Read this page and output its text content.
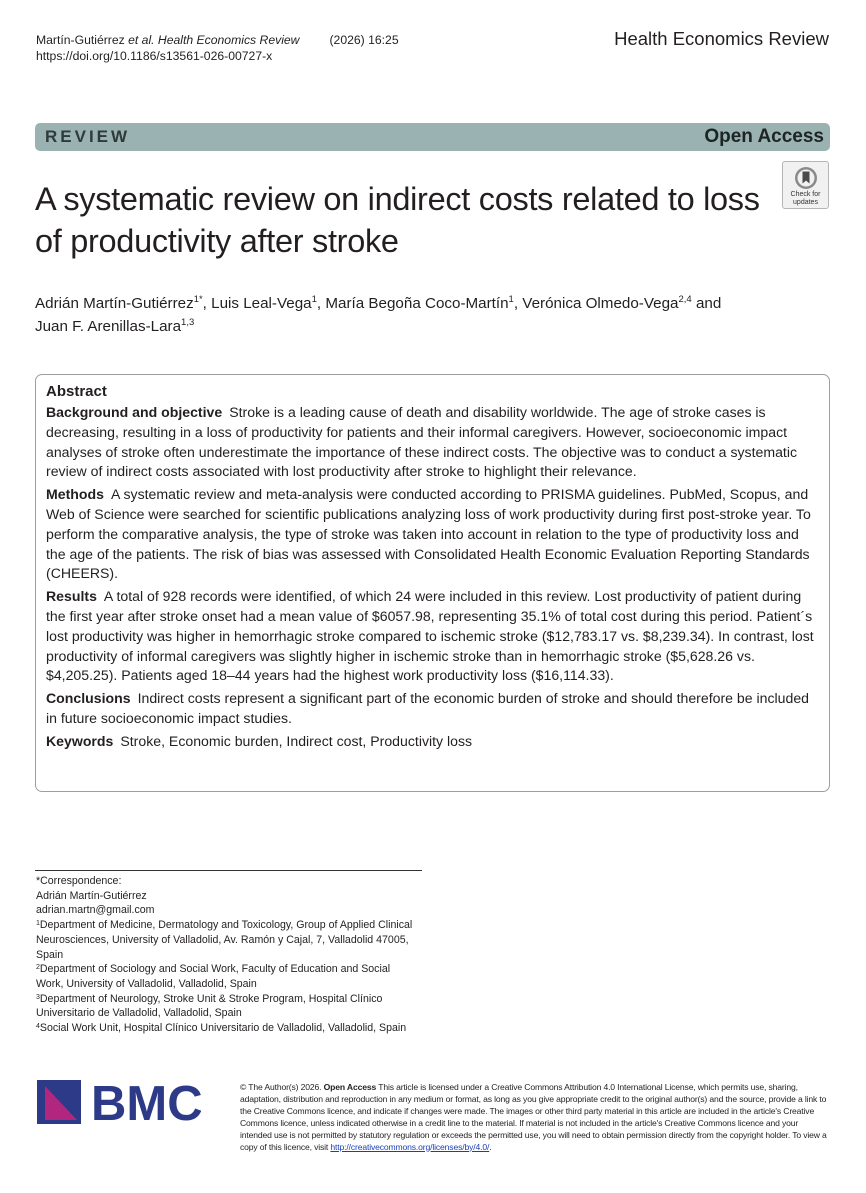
Martín-Gutiérrez et al. Health Economics Review (2026) 16:25
https://doi.org/10.1186/s13561-026-00727-x
Health Economics Review
REVIEW	Open Access
Check for
updates
A systematic review on indirect costs related to loss of productivity after stroke
Adrián Martín-Gutiérrez$^{1*}$, Luis Leal-Vega$^1$, María Begoña Coco-Martín$^1$, Verónica Olmedo-Vega$^{2,4}$ and
Juan F. Arenillas-Lara$^{1,3}$
Abstract

Background and objective Stroke is a leading cause of death and disability worldwide. The age of stroke cases is decreasing, resulting in a loss of productivity for patients and their informal caregivers. However, socioeconomic impact analyses of stroke often underestimate the importance of these indirect costs. The objective was to conduct a systematic review of indirect costs associated with lost productivity after stroke to highlight their relevance.

Methods A systematic review and meta-analysis were conducted according to PRISMA guidelines. PubMed, Scopus, and Web of Science were searched for scientific publications analyzing loss of work productivity during first post-stroke year. To perform the comparative analysis, the type of stroke was taken into account in relation to the type of productivity loss and the age of the patients. The risk of bias was assessed with Consolidated Health Economic Evaluation Reporting Standards (CHEERS).

Results A total of 928 records were identified, of which 24 were included in this review. Lost productivity of patient during the first year after stroke onset had a mean value of $6057.98, representing 35.1% of total cost during this period. Patient´s lost productivity was higher in hemorrhagic stroke compared to ischemic stroke ($12,783.17 vs. $8,239.34). In contrast, lost productivity of informal caregivers was slightly higher in ischemic stroke than in hemorrhagic stroke ($5,628.26 vs. $4,205.25). Patients aged 18–44 years had the highest work productivity loss ($16,114.33).

Conclusions Indirect costs represent a significant part of the economic burden of stroke and should therefore be included in future socioeconomic impact studies.

Keywords Stroke, Economic burden, Indirect cost, Productivity loss

*Correspondence:
Adrián Martín-Gutiérrez
adrian.martn@gmail.com
$^1$Department of Medicine, Dermatology and Toxicology, Group of Applied Clinical Neurosciences, University of Valladolid, Av. Ramón y Cajal, 7, Valladolid 47005, Spain
$^2$Department of Sociology and Social Work, Faculty of Education and Social Work, University of Valladolid, Valladolid, Spain
$^3$Department of Neurology, Stroke Unit & Stroke Program, Hospital Clínico Universitario de Valladolid, Valladolid, Spain
$^4$Social Work Unit, Hospital Clínico Universitario de Valladolid, Valladolid, Spain
BMC	© The Author(s) 2026. Open Access This article is licensed under a Creative Commons Attribution 4.0 International License, which permits use, sharing, adaptation, distribution and reproduction in any medium or format, as long as you give appropriate credit to the original author(s) and the source, provide a link to the Creative Commons licence, and indicate if changes were made. The images or other third party material in this article are included in the article's Creative Commons licence, unless indicated otherwise in a credit line to the material. If material is not included in the article's Creative Commons licence and your intended use is not permitted by statutory regulation or exceeds the permitted use, you will need to obtain permission directly from the copyright holder. To view a copy of this licence, visit http://creativecommons.org/licenses/by/4.0/.
